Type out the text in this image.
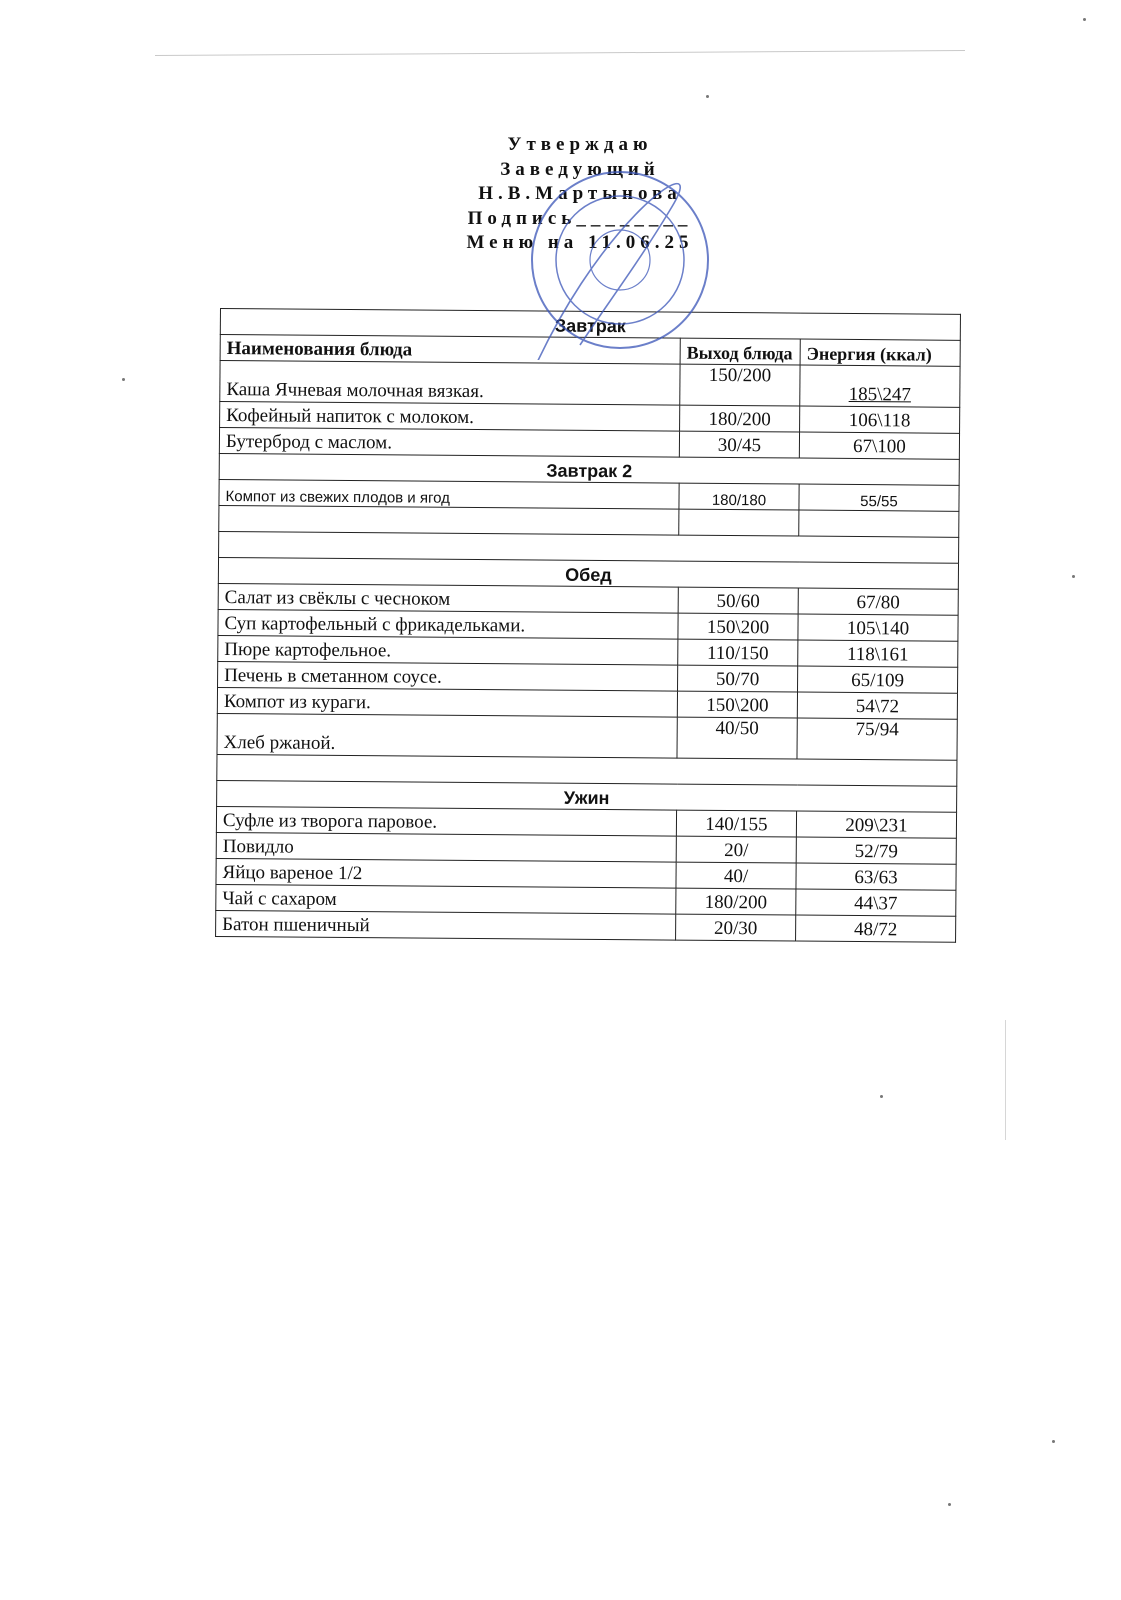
Утверждаю
Заведующий
Н.В.Мартынова
Подпись________
Меню на 11.06.25
Завтрак		
Наименования блюда	Выход блюда	Энергия (ккал)
Каша Ячневая молочная вязкая.	150/200	185\247
Кофейный напиток с молоком.	180/200	106\118
Бутерброд с маслом.	30/45	67\100
Завтрак 2		
Компот из свежих плодов и ягод	180/180	55/55

Обед		
Салат из свёклы с чесноком	50/60	67/80
Суп картофельный с фрикадельками.	150\200	105\140
Пюре картофельное.	110/150	118\161
Печень в сметанном соусе.	50/70	65/109
Компот из кураги.	150\200	54\72
Хлеб ржаной.	40/50	75/94

Ужин		
Суфле из творога паровое.	140/155	209\231
Повидло	20/	52/79
Яйцо вареное 1/2	40/	63/63
Чай с сахаром	180/200	44\37
Батон пшеничный	20/30	48/72
